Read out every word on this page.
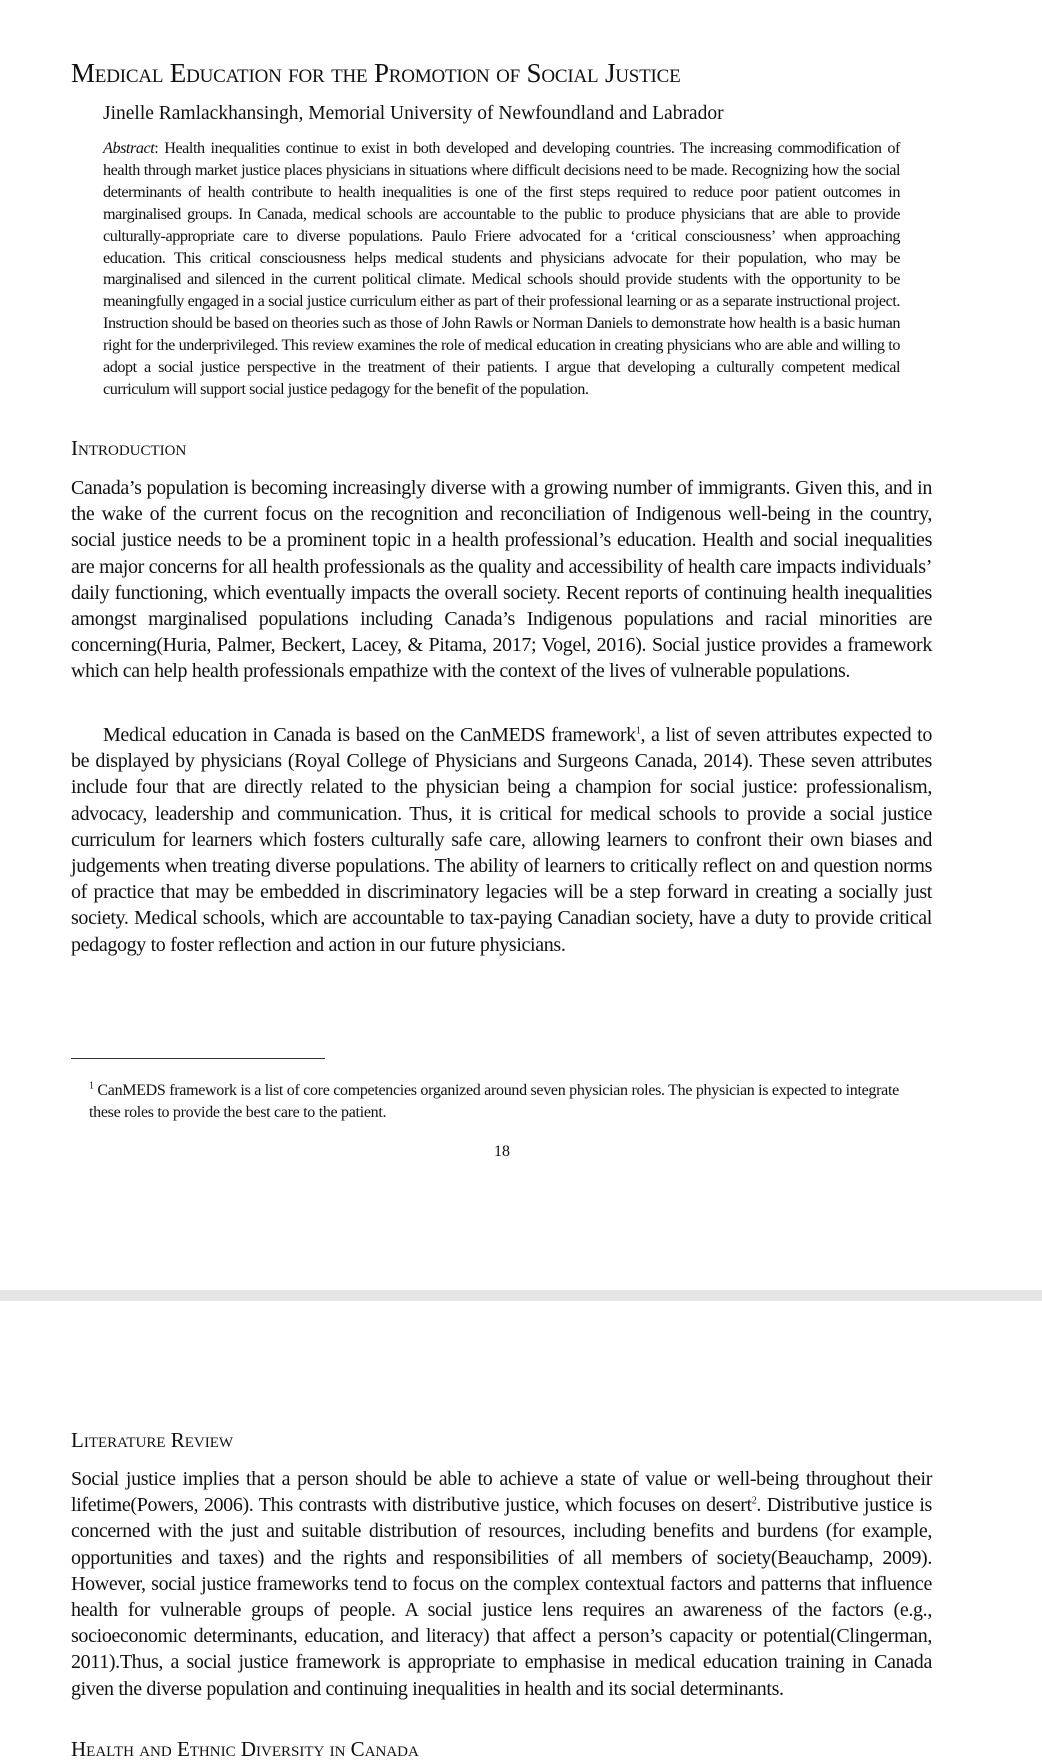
Medical Education for the Promotion of Social Justice
Jinelle Ramlackhansingh, Memorial University of Newfoundland and Labrador
Abstract: Health inequalities continue to exist in both developed and developing countries. The increasing commodification of health through market justice places physicians in situations where difficult decisions need to be made. Recognizing how the social determinants of health contribute to health inequalities is one of the first steps required to reduce poor patient outcomes in marginalised groups. In Canada, medical schools are accountable to the public to produce physicians that are able to provide culturally-appropriate care to diverse populations. Paulo Friere advocated for a ‘critical consciousness’ when approaching education. This critical consciousness helps medical students and physicians advocate for their population, who may be marginalised and silenced in the current political climate. Medical schools should provide students with the opportunity to be meaningfully engaged in a social justice curriculum either as part of their professional learning or as a separate instructional project. Instruction should be based on theories such as those of John Rawls or Norman Daniels to demonstrate how health is a basic human right for the underprivileged. This review examines the role of medical education in creating physicians who are able and willing to adopt a social justice perspective in the treatment of their patients. I argue that developing a culturally competent medical curriculum will support social justice pedagogy for the benefit of the population.
Introduction

Canada’s population is becoming increasingly diverse with a growing number of immigrants. Given this, and in the wake of the current focus on the recognition and reconciliation of Indigenous well-being in the country, social justice needs to be a prominent topic in a health professional’s education. Health and social inequalities are major concerns for all health professionals as the quality and accessibility of health care impacts individuals’ daily functioning, which eventually impacts the overall society. Recent reports of continuing health inequalities amongst marginalised populations including Canada’s Indigenous populations and racial minorities are concerning(Huria, Palmer, Beckert, Lacey, & Pitama, 2017; Vogel, 2016). Social justice provides a framework which can help health professionals empathize with the context of the lives of vulnerable populations.

Medical education in Canada is based on the CanMEDS framework$^1$, a list of seven attributes expected to be displayed by physicians (Royal College of Physicians and Surgeons Canada, 2014). These seven attributes include four that are directly related to the physician being a champion for social justice: professionalism, advocacy, leadership and communication. Thus, it is critical for medical schools to provide a social justice curriculum for learners which fosters culturally safe care, allowing learners to confront their own biases and judgements when treating diverse populations. The ability of learners to critically reflect on and question norms of practice that may be embedded in discriminatory legacies will be a step forward in creating a socially just society. Medical schools, which are accountable to tax-paying Canadian society, have a duty to provide critical pedagogy to foster reflection and action in our future physicians.

$^1$ CanMEDS framework is a list of core competencies organized around seven physician roles. The physician is expected to integrate these roles to provide the best care to the patient.
18
Literature Review

Social justice implies that a person should be able to achieve a state of value or well-being throughout their lifetime(Powers, 2006). This contrasts with distributive justice, which focuses on desert$^2$. Distributive justice is concerned with the just and suitable distribution of resources, including benefits and burdens (for example, opportunities and taxes) and the rights and responsibilities of all members of society(Beauchamp, 2009). However, social justice frameworks tend to focus on the complex contextual factors and patterns that influence health for vulnerable groups of people. A social justice lens requires an awareness of the factors (e.g., socioeconomic determinants, education, and literacy) that affect a person’s capacity or potential(Clingerman, 2011).Thus, a social justice framework is appropriate to emphasise in medical education training in Canada given the diverse population and continuing inequalities in health and its social determinants.

Health and Ethnic Diversity in Canada
